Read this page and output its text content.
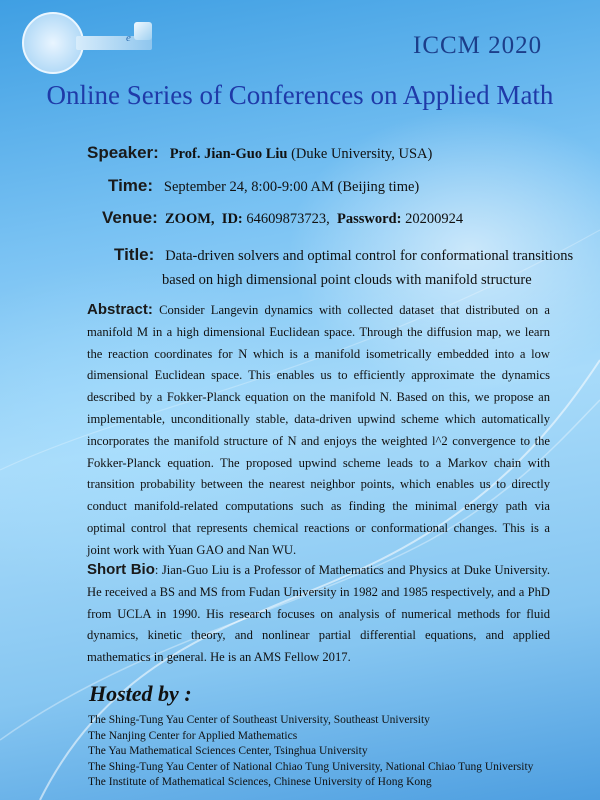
e	ICCM 2020
Online Series of Conferences on Applied Math
Speaker: Prof. Jian-Guo Liu (Duke University, USA)
Time: September 24, 8:00-9:00 AM (Beijing time)
Venue: ZOOM, ID: 64609873723, Password: 20200924
Title: Data-driven solvers and optimal control for conformational transitions
based on high dimensional point clouds with manifold structure
Abstract: Consider Langevin dynamics with collected dataset that distributed on a manifold M in a high dimensional Euclidean space. Through the diffusion map, we learn the reaction coordinates for N which is a manifold isometrically embedded into a low dimensional Euclidean space. This enables us to efficiently approximate the dynamics described by a Fokker-Planck equation on the manifold N. Based on this, we propose an implementable, unconditionally stable, data-driven upwind scheme which automatically incorporates the manifold structure of N and enjoys the weighted l^2 convergence to the Fokker-Planck equation. The proposed upwind scheme leads to a Markov chain with transition probability between the nearest neighbor points, which enables us to directly conduct manifold-related computations such as finding the minimal energy path via optimal control that represents chemical reactions or conformational changes. This is a joint work with Yuan GAO and Nan WU.
Short Bio: Jian-Guo Liu is a Professor of Mathematics and Physics at Duke University. He received a BS and MS from Fudan University in 1982 and 1985 respectively, and a PhD from UCLA in 1990. His research focuses on analysis of numerical methods for fluid dynamics, kinetic theory, and nonlinear partial differential equations, and applied mathematics in general. He is an AMS Fellow 2017.
Hosted by :
The Shing-Tung Yau Center of Southeast University, Southeast University
The Nanjing Center for Applied Mathematics
The Yau Mathematical Sciences Center, Tsinghua University
The Shing-Tung Yau Center of National Chiao Tung University, National Chiao Tung University
The Institute of Mathematical Sciences, Chinese University of Hong Kong
